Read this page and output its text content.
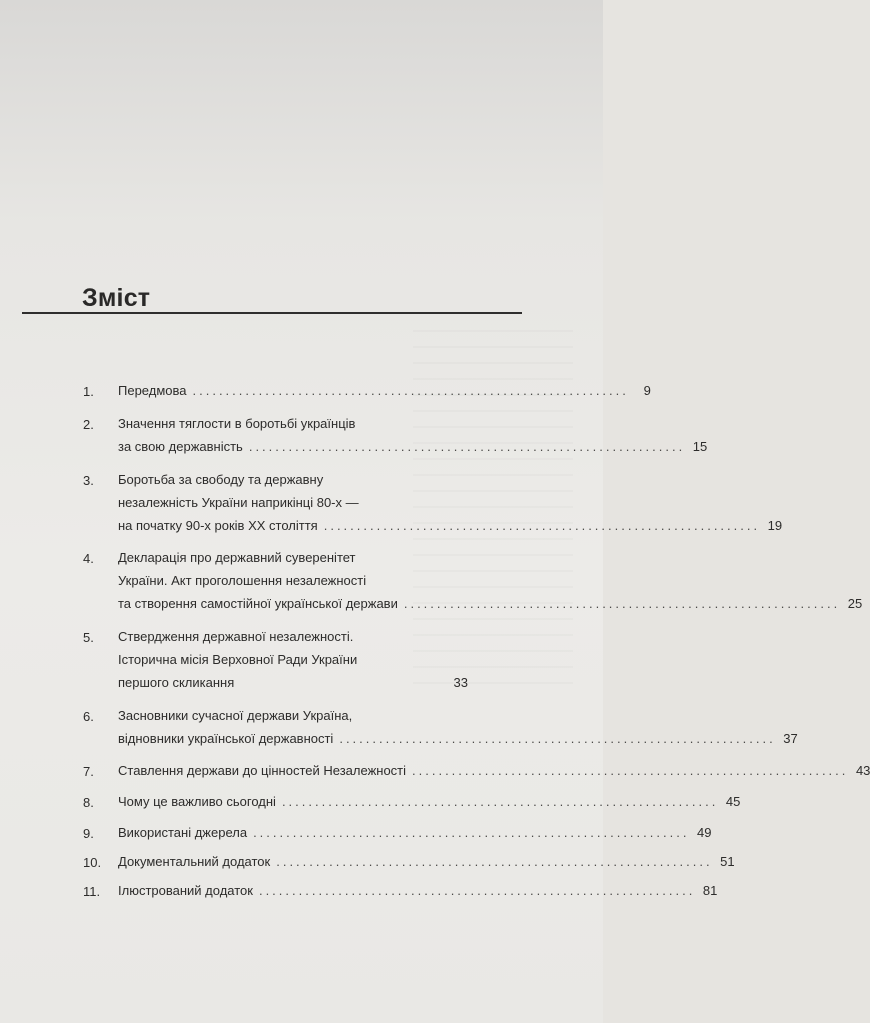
Зміст
1. Передмова ..................................................................	9
2. Значення тяглости в боротьбі українців
за свою державність .................................................................. 15
3. Боротьба за свободу та державну
незалежність України наприкінці 80-х —
на початку 90-х років XX століття .................................................................. 19
4. Декларація про державний суверенітет
України. Акт проголошення незалежності
та створення самостійної української держави .................................................................. 25
5. Ствердження державної незалежності.
Історична місія Верховної Ради України
першого скликання	33
6. Засновники сучасної держави Україна,
відновники української державності .................................................................. 37
7. Ставлення держави до цінностей Незалежності .................................................................. 43
8. Чому це важливо сьогодні .................................................................. 45
9. Використані джерела .................................................................. 49
10. Документальний додаток .................................................................. 51
11. Ілюстрований додаток .................................................................. 81
